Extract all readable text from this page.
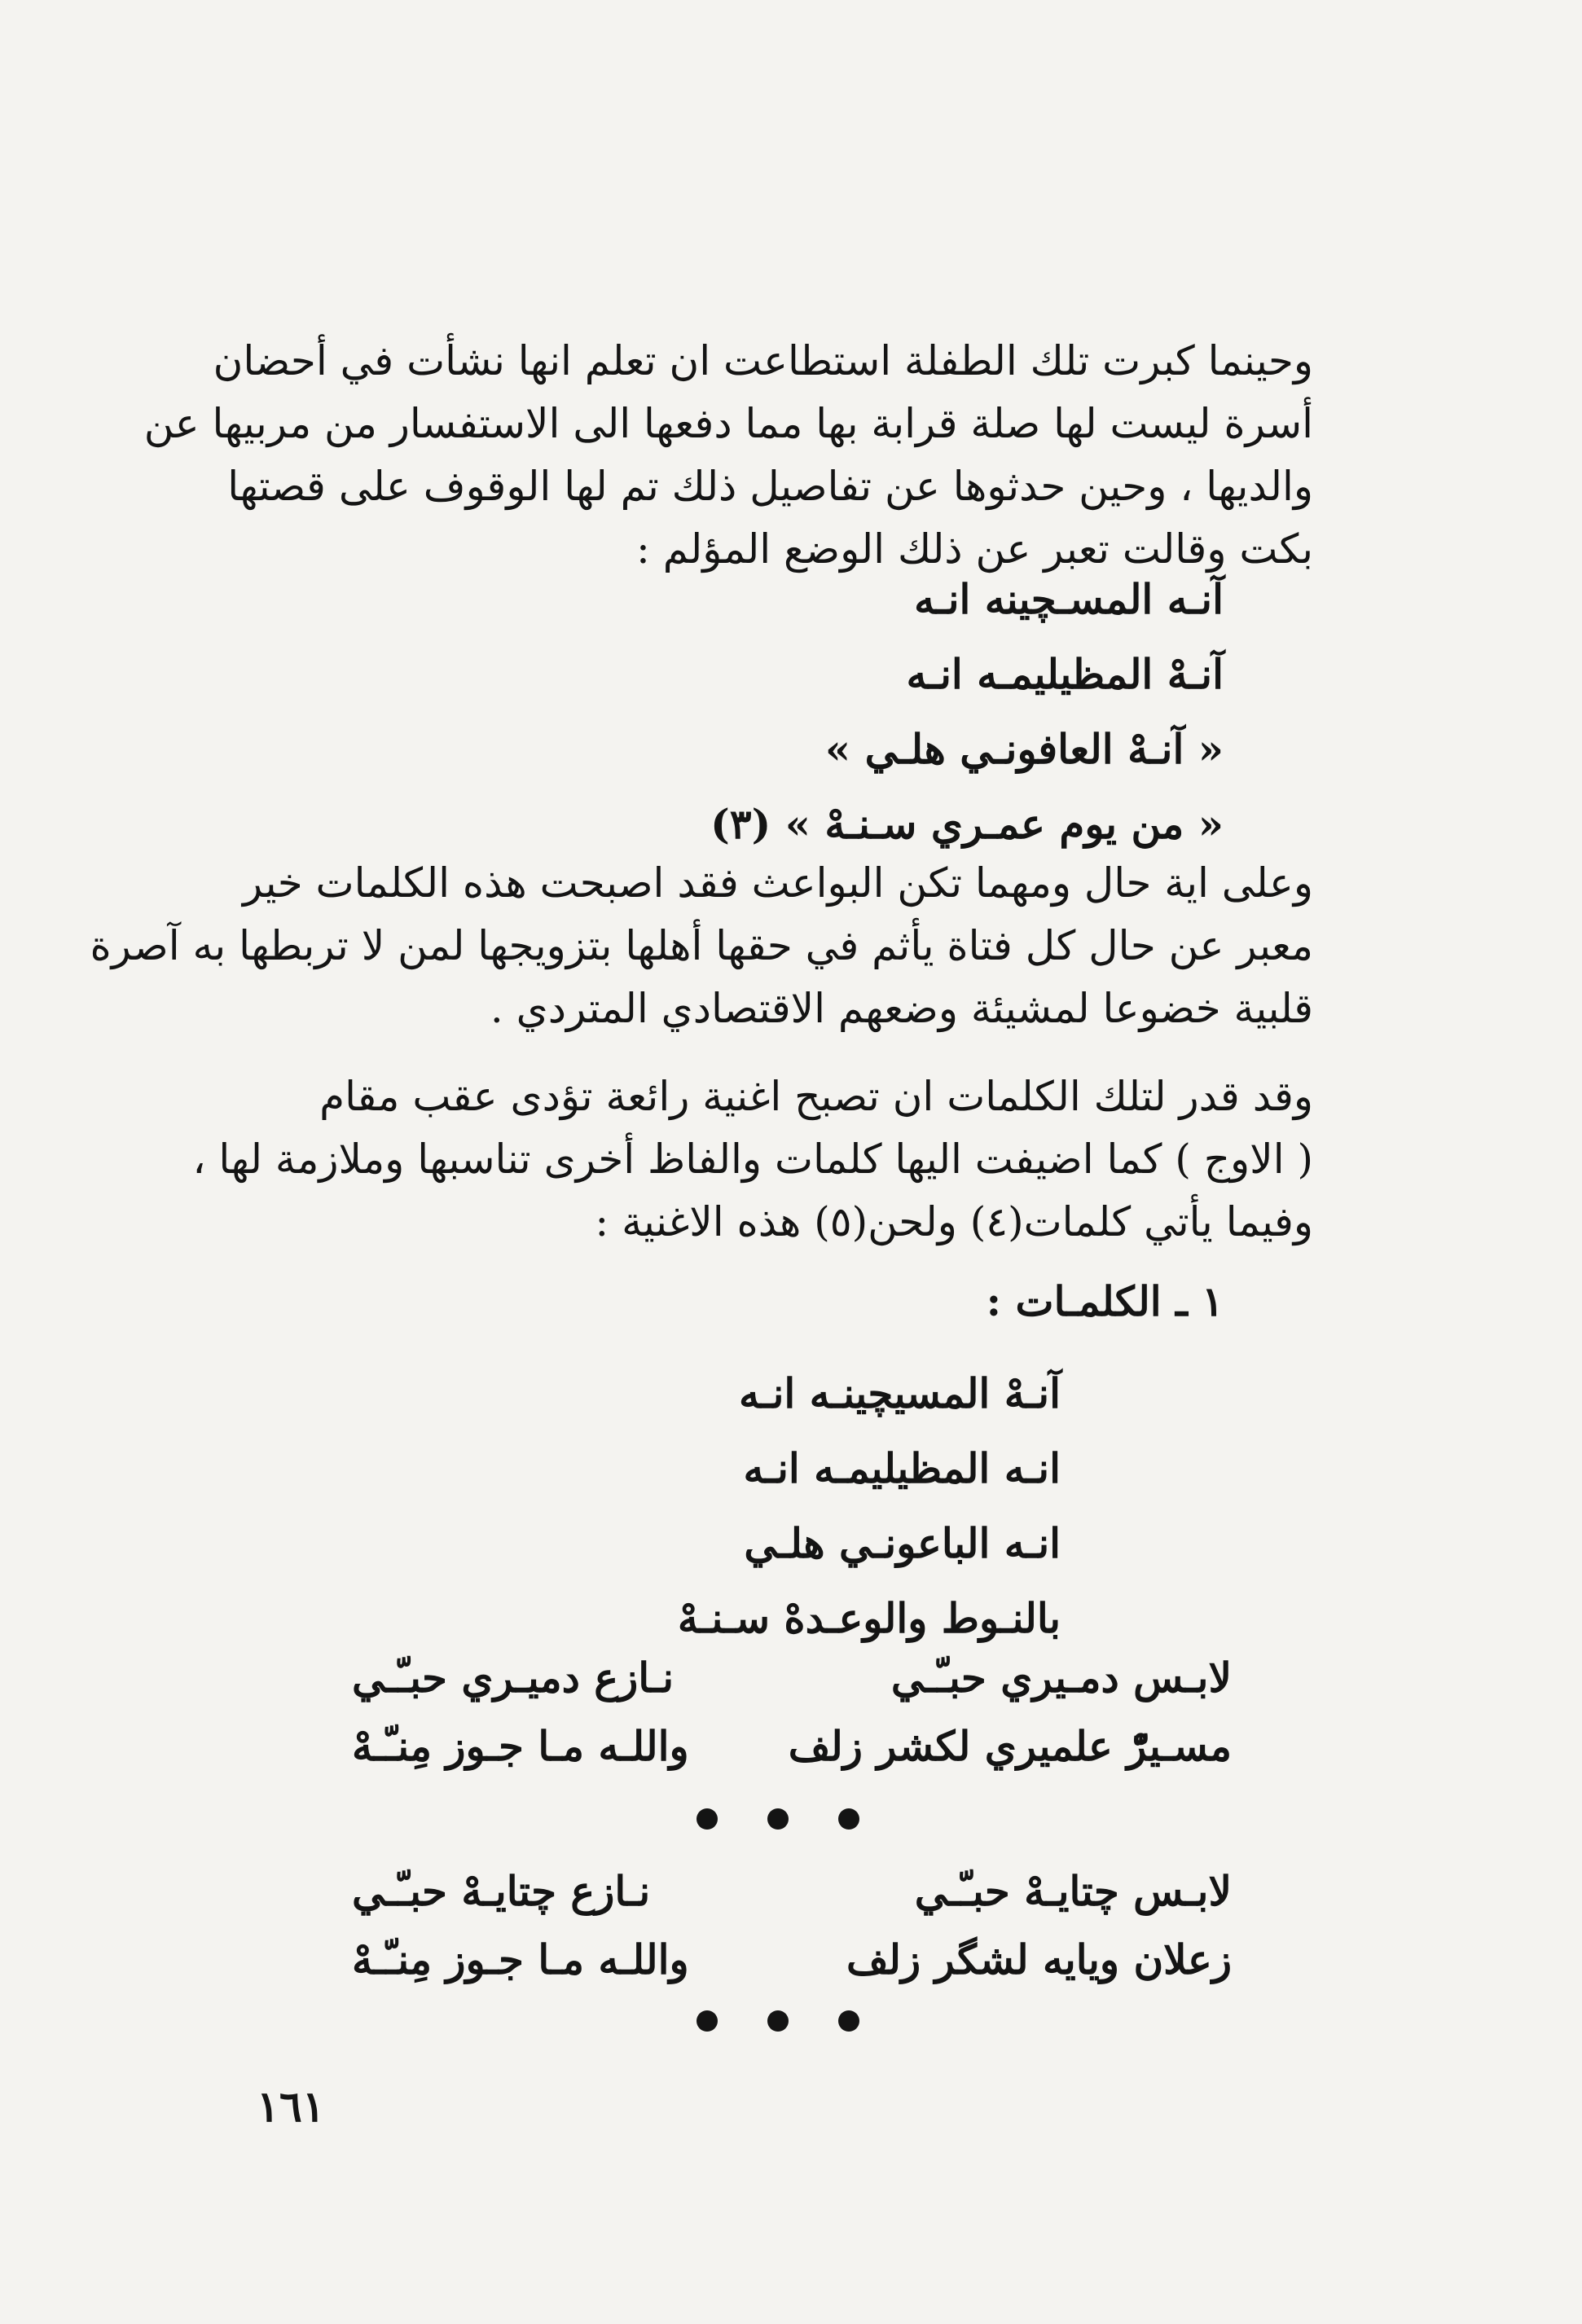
وحينما كبرت تلك الطفلة استطاعت ان تعلم انها نشأت في أحضان
أسرة ليست لها صلة قرابة بها مما دفعها الى الاستفسار من مربيها عن
والديها ، وحين حدثوها عن تفاصيل ذلك تم لها الوقوف على قصتها
بكت وقالت تعبر عن ذلك الوضع المؤلم :
آنـه المسـچينه انـه
آنـهْ المظيليمـه انـه
« آنـهْ العافونـي هلـي »
« من يوم عمـري سـنـهْ » (٣)
وعلى اية حال ومهما تكن البواعث فقد اصبحت هذه الكلمات خير
معبر عن حال كل فتاة يأثم في حقها أهلها بتزويجها لمن لا تربطها به آصرة
قلبية خضوعا لمشيئة وضعهم الاقتصادي المتردي .
وقد قدر لتلك الكلمات ان تصبح اغنية رائعة تؤدى عقب مقام
( الاوج ) كما اضيفت اليها كلمات والفاظ أخرى تناسبها وملازمة لها ،
وفيما يأتي كلمات(٤) ولحن(٥) هذه الاغنية :
١ ـ الكلمـات :
آنـهْ المسيچينـه انـه
انـه المظيليمـه انـه
انـه الباعونـي هلـي
بالنـوط والوعـدهْ سـنـهْ
لابـس دمـيري حبـّـي
نـازع دميـري حبـّـي
مسـيرّْ علميري لكشر زلف
واللـه مـا جـوز مِنـّـهْ
لابـس چتايـهْ حبـّـي
نـازع چتايـهْ حبـّـي
زعلان ويايه لشگر زلف
واللـه مـا جـوز مِنـّـهْ
١٦١
